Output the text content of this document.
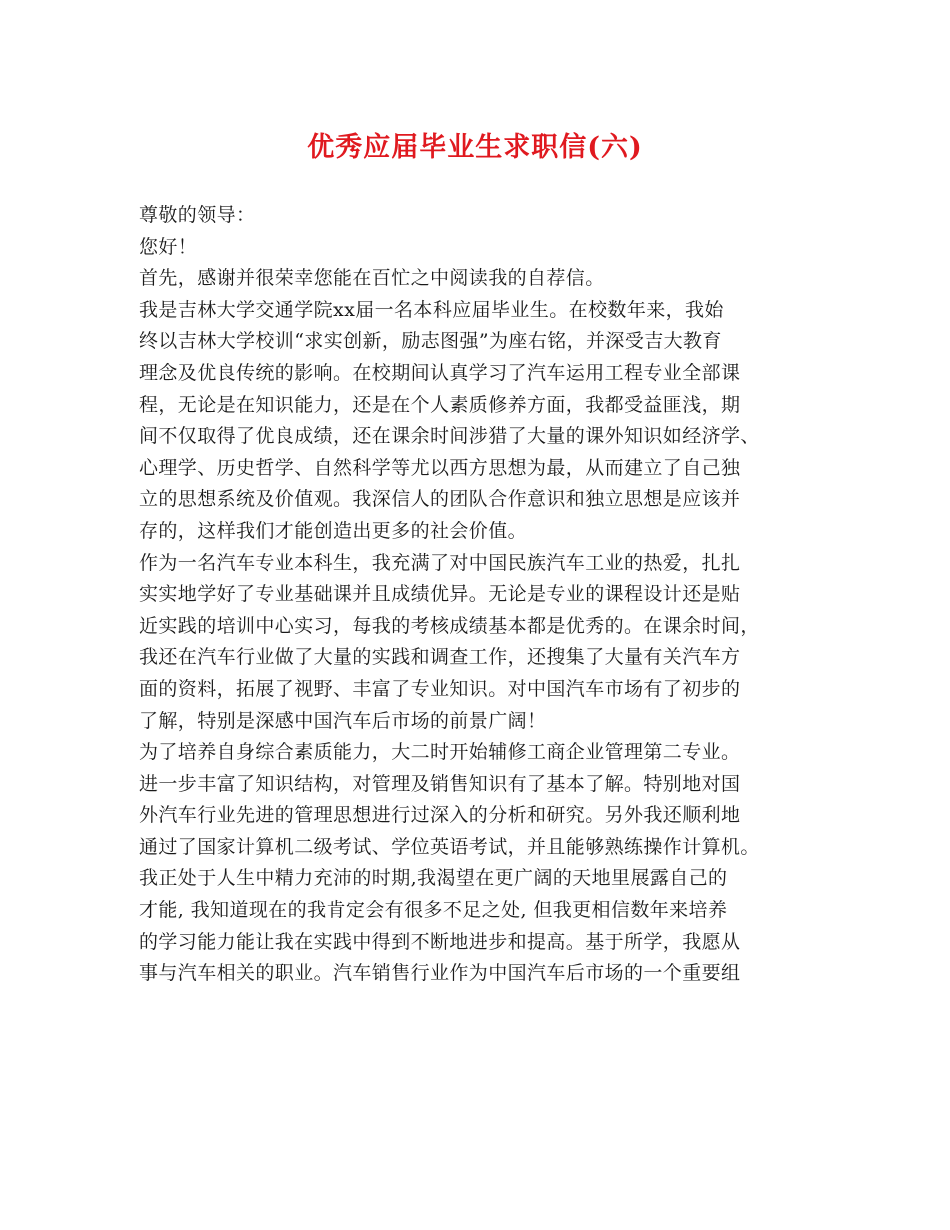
优秀应届毕业生求职信(六)
尊敬的领导：
您好！
首先，感谢并很荣幸您能在百忙之中阅读我的自荐信。
我是吉林大学交通学院xx届一名本科应届毕业生。在校数年来，我始
终以吉林大学校训“求实创新，励志图强”为座右铭，并深受吉大教育
理念及优良传统的影响。在校期间认真学习了汽车运用工程专业全部课
程，无论是在知识能力，还是在个人素质修养方面，我都受益匪浅，期
间不仅取得了优良成绩，还在课余时间涉猎了大量的课外知识如经济学、
心理学、历史哲学、自然科学等尤以西方思想为最，从而建立了自己独
立的思想系统及价值观。我深信人的团队合作意识和独立思想是应该并
存的，这样我们才能创造出更多的社会价值。
作为一名汽车专业本科生，我充满了对中国民族汽车工业的热爱，扎扎
实实地学好了专业基础课并且成绩优异。无论是专业的课程设计还是贴
近实践的培训中心实习，每我的考核成绩基本都是优秀的。在课余时间，
我还在汽车行业做了大量的实践和调查工作，还搜集了大量有关汽车方
面的资料，拓展了视野、丰富了专业知识。对中国汽车市场有了初步的
了解，特别是深感中国汽车后市场的前景广阔！
为了培养自身综合素质能力，大二时开始辅修工商企业管理第二专业。
进一步丰富了知识结构，对管理及销售知识有了基本了解。特别地对国
外汽车行业先进的管理思想进行过深入的分析和研究。另外我还顺利地
通过了国家计算机二级考试、学位英语考试，并且能够熟练操作计算机。
我正处于人生中精力充沛的时期,我渴望在更广阔的天地里展露自己的
才能, 我知道现在的我肯定会有很多不足之处, 但我更相信数年来培养
的学习能力能让我在实践中得到不断地进步和提高。基于所学，我愿从
事与汽车相关的职业。汽车销售行业作为中国汽车后市场的一个重要组
